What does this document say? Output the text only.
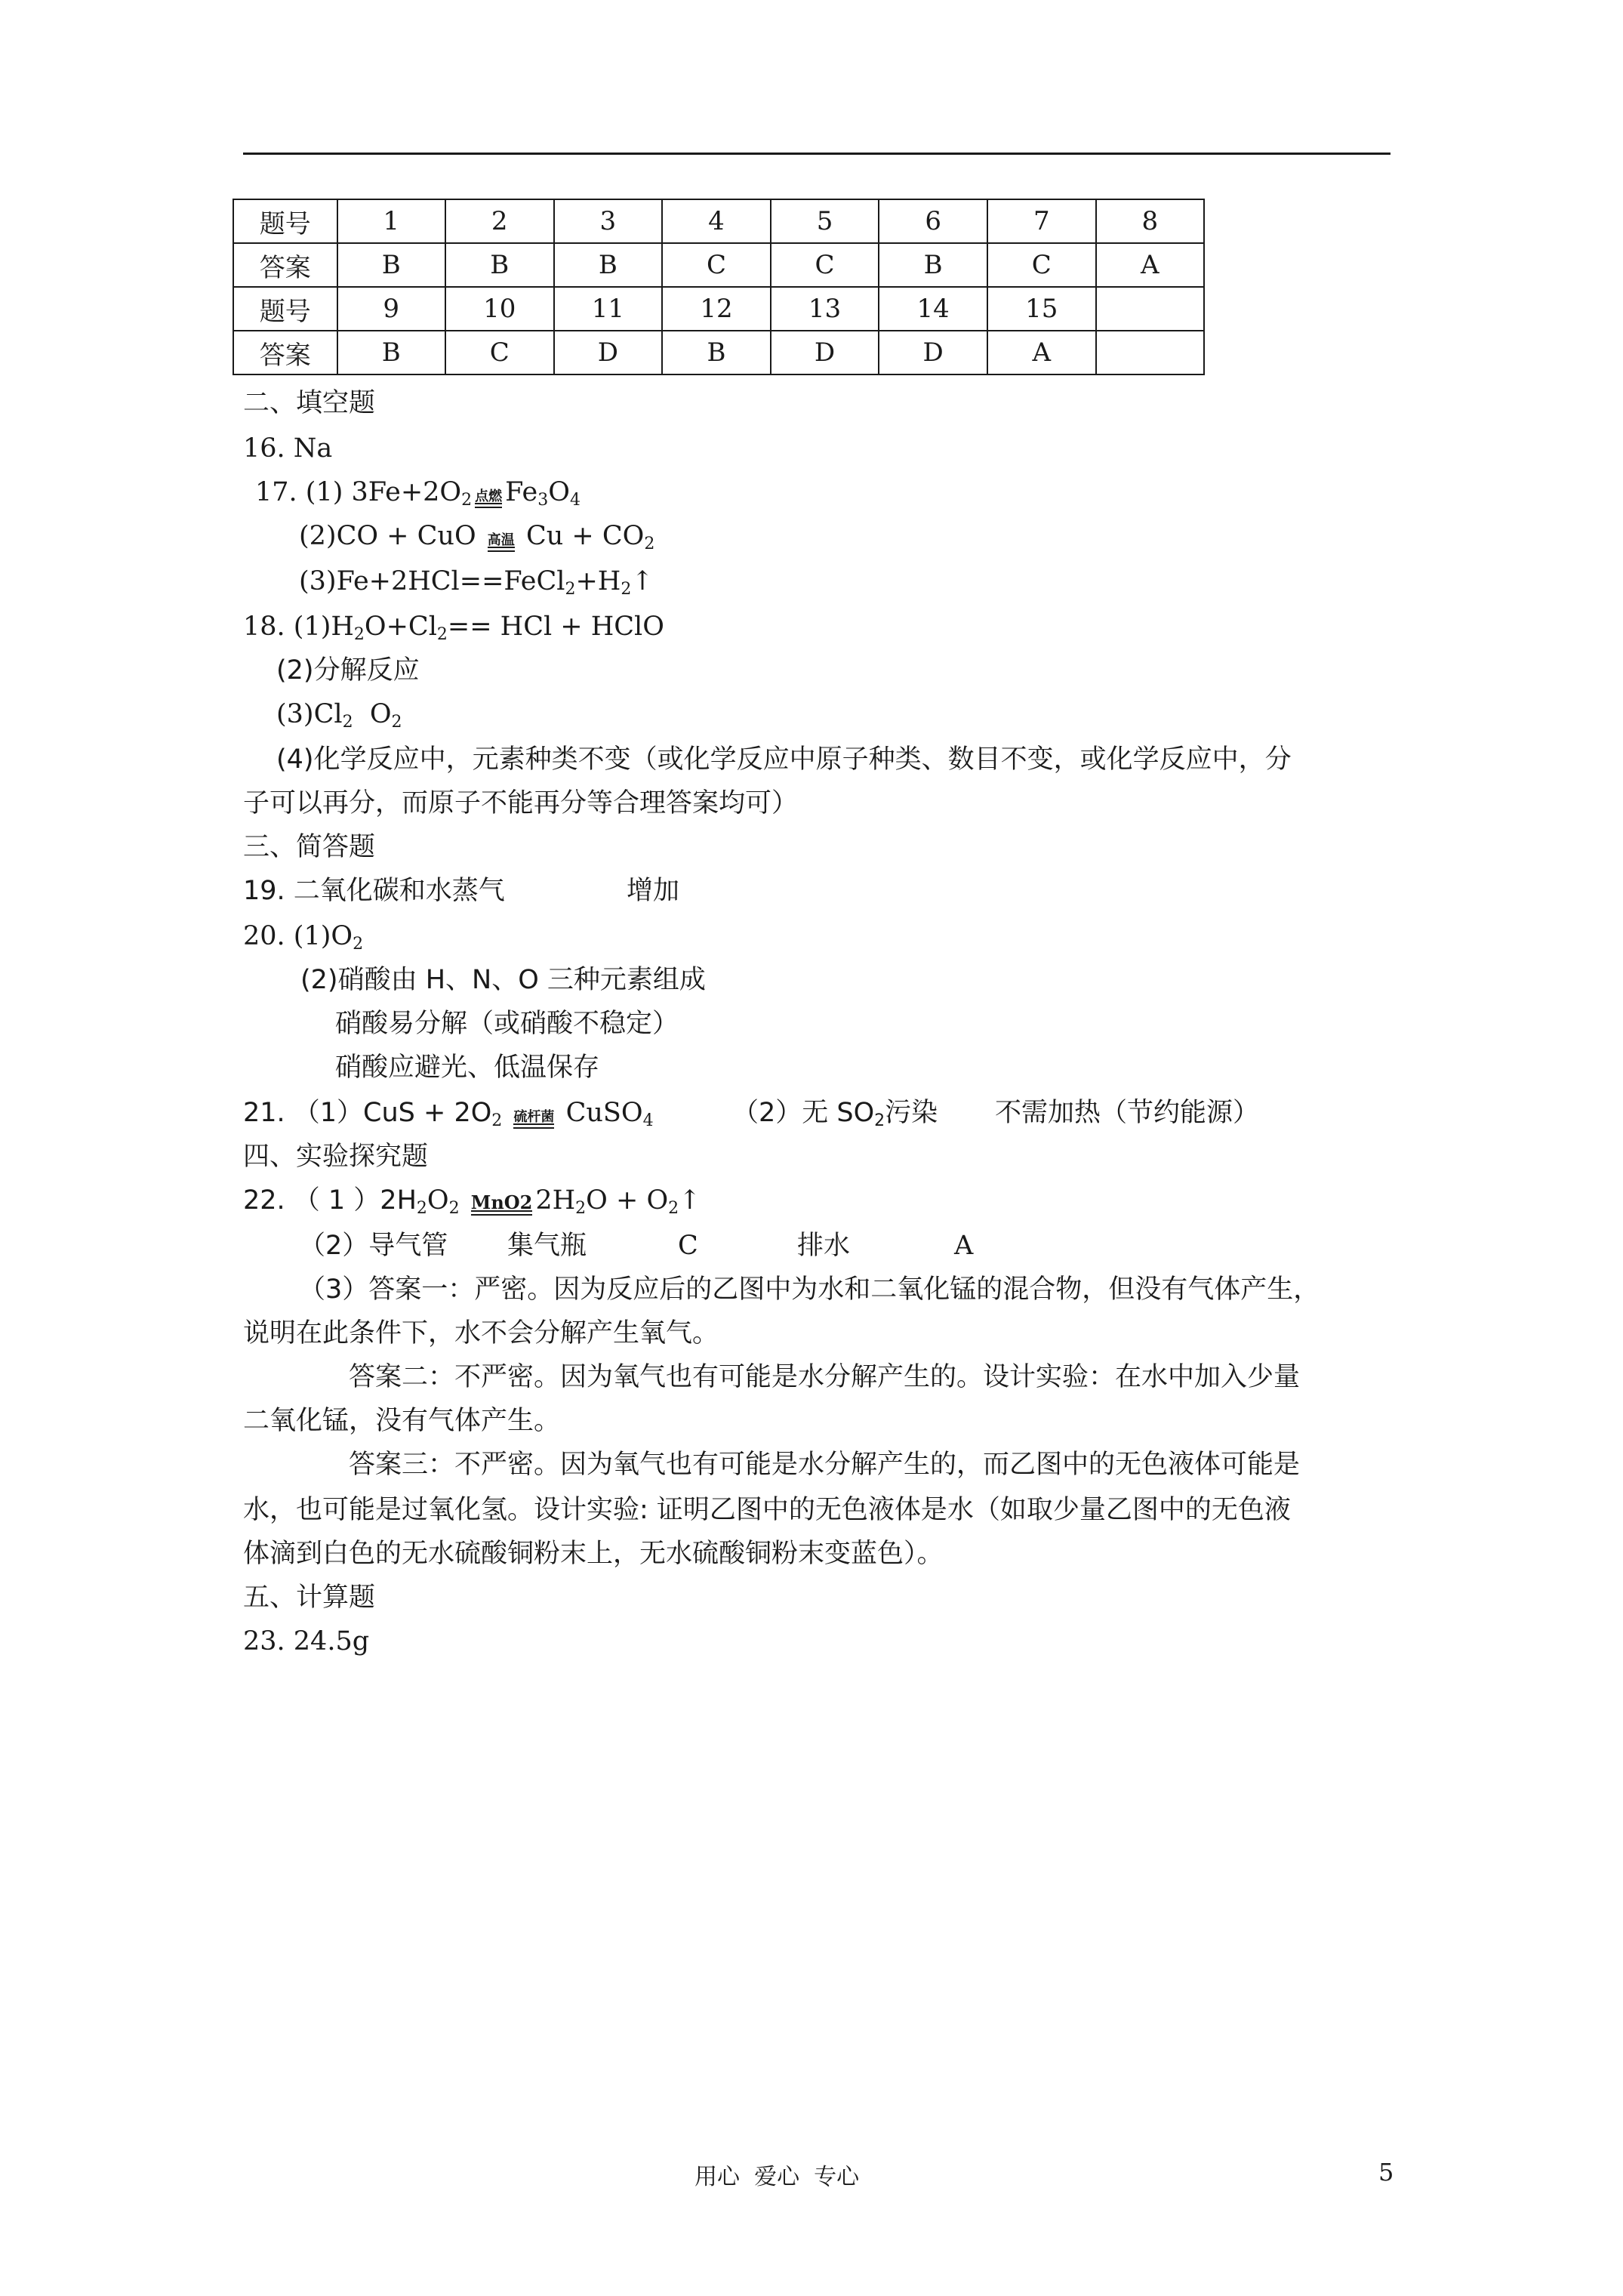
题号	1	2	3	4	5	6	7	8
答案	B	B	B	C	C	B	C	A
题号	9	10	11	12	13	14	15	
答案	B	C	D	B	D	D	A	
二、填空题
16. Na
17. (1) $3Fe+2O_2$ 点燃 $Fe_3O_4$
(2)CO + CuO 高温 $Cu + CO_2$
$(3)Fe+2HCl==FeCl_2+H_2↑$
18. $(1)H_2O+Cl_2==$ HCl + HClO
(2)分解反应
$(3)Cl_2$  $O_2$
(4)化学反应中，元素种类不变（或化学反应中原子种类、数目不变，或化学反应中，分
子可以再分，而原子不能再分等合理答案均可）
三、简答题
19. 二氧化碳和水蒸气	增加
20. $(1)O_2$
(2)硝酸由 H、N、O 三种元素组成
硝酸易分解（或硝酸不稳定）
硝酸应避光、低温保存
21. $(1)CuS + 2O_2$ 硫杆菌 CuSO$_4$	（2）无 $SO_2$污染 不需加热（节约能源）
四、实验探究题
22. （ 1 ）$2H_2O_2$ MnO2 $2H_2O$ + $O_2↑$
（2）导气管 集气瓶	C	排水	A
（3）答案一：严密。因为反应后的乙图中为水和二氧化锰的混合物，但没有气体产生，
说明在此条件下，水不会分解产生氧气。
答案二：不严密。因为氧气也有可能是水分解产生的。设计实验：在水中加入少量
二氧化锰，没有气体产生。
答案三：不严密。因为氧气也有可能是水分解产生的，而乙图中的无色液体可能是
水，也可能是过氧化氢。设计实验: 证明乙图中的无色液体是水（如取少量乙图中的无色液
体滴到白色的无水硫酸铜粉末上，无水硫酸铜粉末变蓝色）。
五、计算题
23. 24.5g
用心  爱心  专心	5
